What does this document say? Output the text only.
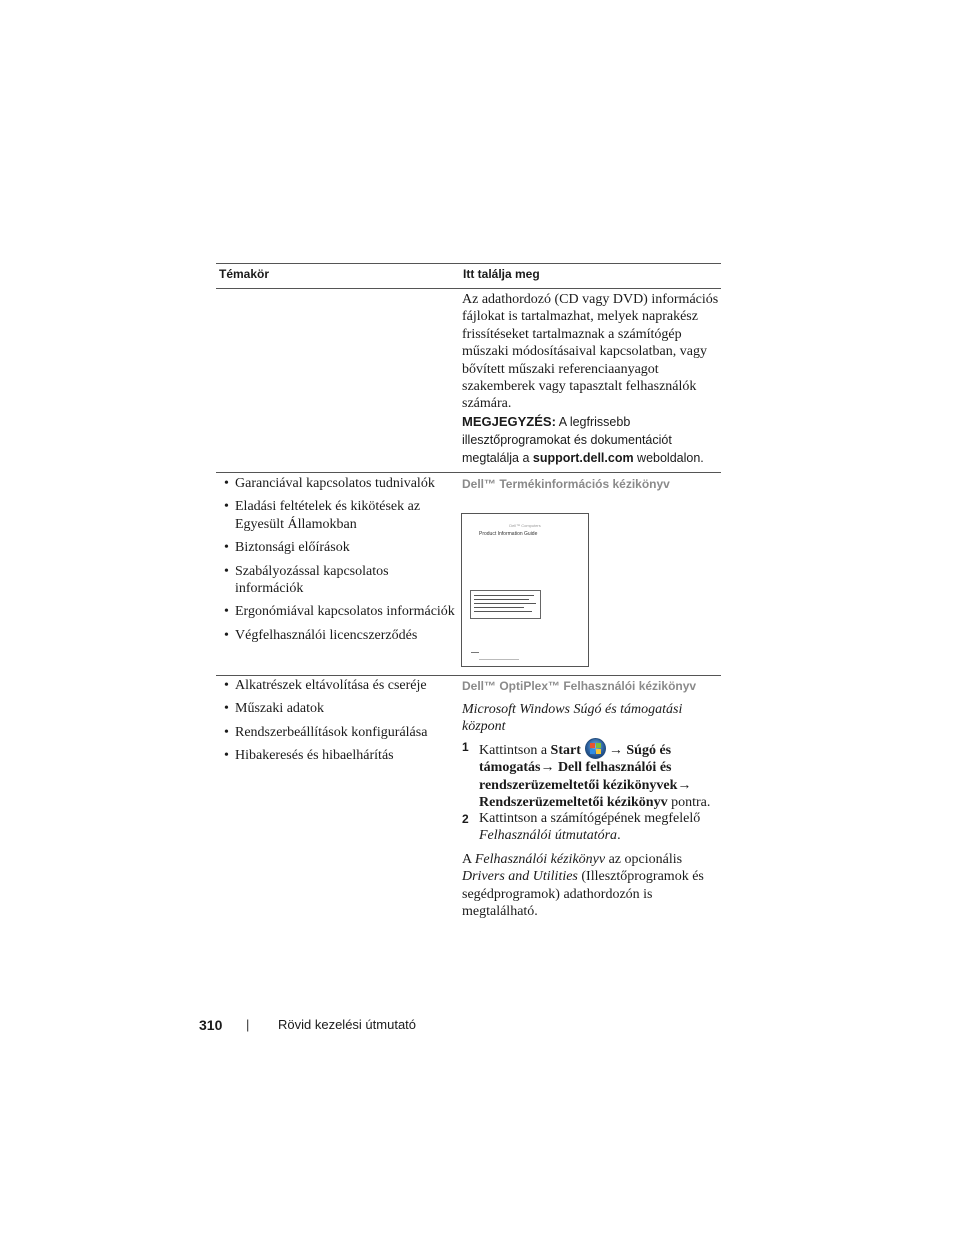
Témakör	Itt találja meg
Az adathordozó (CD vagy DVD) információs fájlokat is tartalmazhat, melyek naprakész frissítéseket tartalmaznak a számítógép műszaki módosításaival kapcsolatban, vagy bővített műszaki referenciaanyagot szakemberek vagy tapasztalt felhasználók számára.
MEGJEGYZÉS: A legfrissebb illesztőprogramokat és dokumentációt megtalálja a support.dell.com weboldalon.
• Garanciával kapcsolatos tudnivalók
• Eladási feltételek és kikötések az Egyesült Államokban
• Biztonsági előírások
• Szabályozással kapcsolatos információk
• Ergonómiával kapcsolatos információk
• Végfelhasználói licencszerződés
Dell™ Termékinformációs kézikönyv
Dell™ Computers
Product Information Guide
• Alkatrészek eltávolítása és cseréje
• Műszaki adatok
• Rendszerbeállítások konfigurálása
• Hibakeresés és hibaelhárítás
Dell™ OptiPlex™ Felhasználói kézikönyv
Microsoft Windows Súgó és támogatási központ
1 Kattintson a Start → Súgó és támogatás→ Dell felhasználói és rendszerüzemeltetői kézikönyvek→ Rendszerüzemeltetői kézikönyv pontra.
2 Kattintson a számítógépének megfelelő Felhasználói útmutatóra.
A Felhasználói kézikönyv az opcionális Drivers and Utilities (Illesztőprogramok és segédprogramok) adathordozón is megtalálható.
310 | Rövid kezelési útmutató
